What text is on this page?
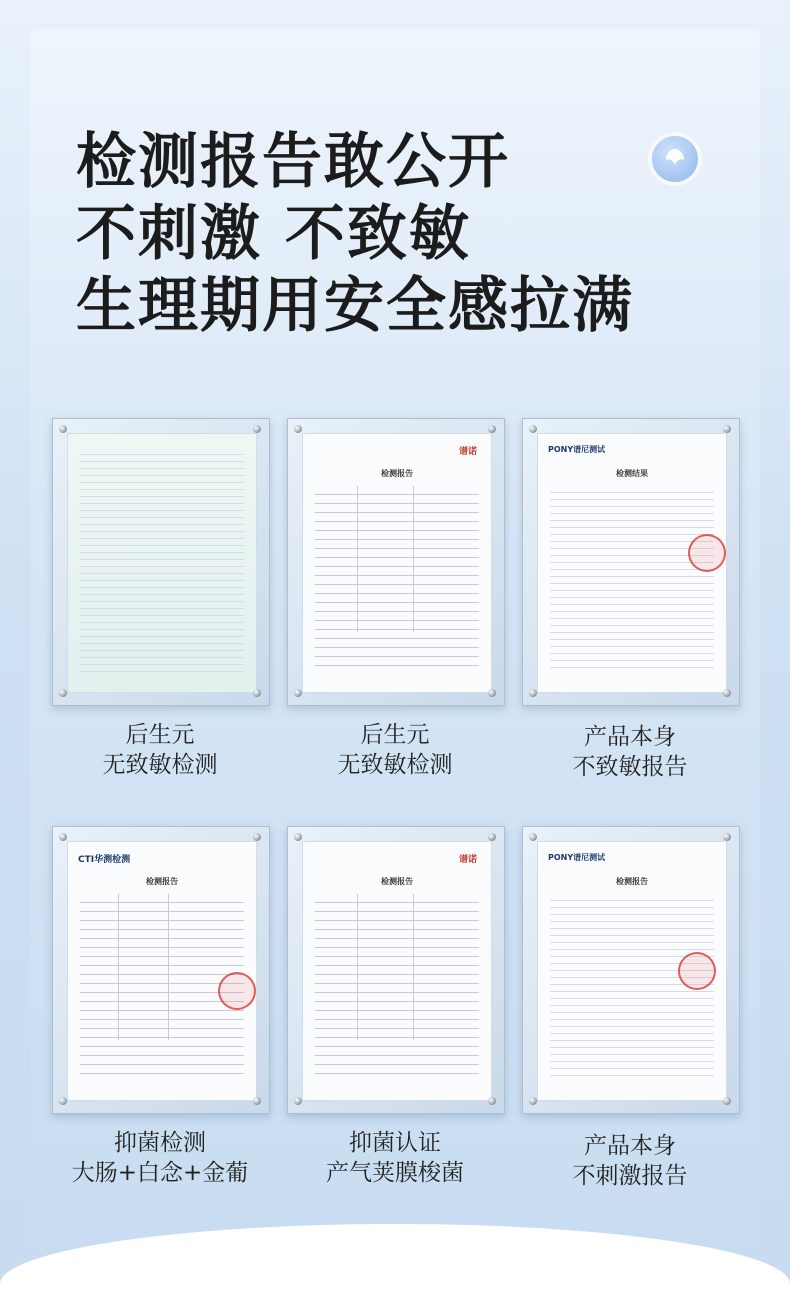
检测报告敢公开
不刺激 不致敏
生理期用安全感拉满
谱诺
检测报告
PONY谱尼测试
检测结果
后生元
无致敏检测
后生元
无致敏检测
产品本身
不致敏报告
CTI华测检测
检测报告
谱诺
检测报告
PONY谱尼测试
检测报告
抑菌检测
大肠+白念+金葡
抑菌认证
产气荚膜梭菌
产品本身
不刺激报告
